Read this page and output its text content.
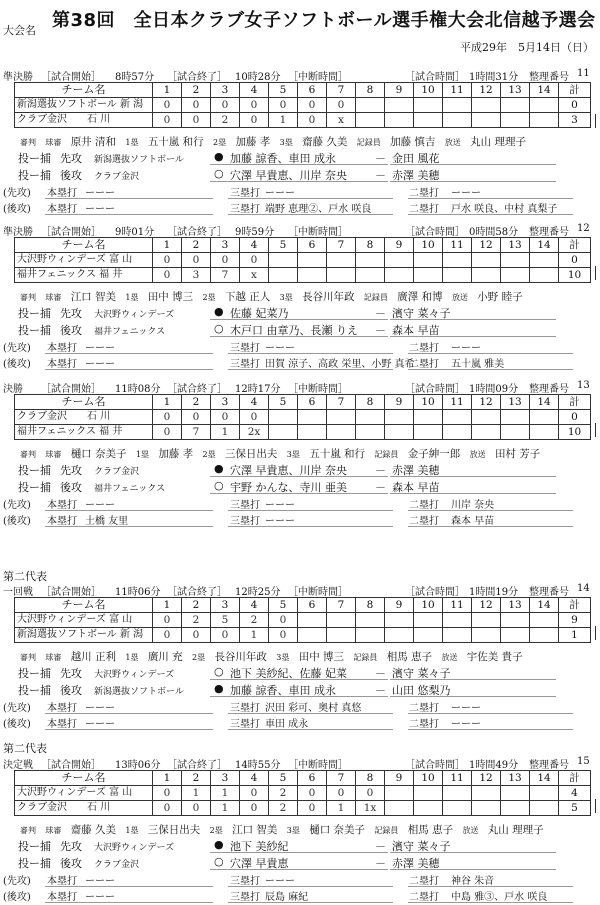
大会名 第38回　全日本クラブ女子ソフトボール選手権大会北信越予選会
平成29年　5月14日（日）
準決勝 ［試合開始］ 8時57分 ［試合終了］ 10時28分 ［中断時間］	［試合時間］ 1時間31分 整理番号 11
チーム名	1	2	3	4	5	6	7	8	9	10	11	12	13	14	計
新潟選抜ソフトボール 新 潟	0	0	0	0	0	0	0								0
クラブ金沢　　石 川	0	0	2	0	1	0	x								3
審判 球審 原井 清和 1塁 五十嵐 和行 2塁 加藤 孝 3塁 齋藤 久美 記録員 加藤 慎吉 放送 丸山 理理子
投ー捕 先攻 新潟選抜ソフトボール	● 加藤 諒香、車田 成永	－ 金田 風花
投ー捕 後攻 クラブ金沢	○ 穴澤 早貴恵、川岸 奈央	－ 赤澤 美穂
(先攻) 本塁打 ーーー	三塁打 ーーー	二塁打 ーーー
(後攻) 本塁打 ーーー	三塁打 端野 恵理②、戸水 咲良	二塁打 戸水 咲良、中村 真梨子
準決勝 ［試合開始］ 9時01分 ［試合終了］ 9時59分 ［中断時間］	［試合時間］ 0時間58分 整理番号 12
チーム名	1	2	3	4	5	6	7	8	9	10	11	12	13	14	計
大沢野ウィンデーズ 富 山	0	0	0	0											0
福井フェニックス 福 井	0	3	7	x											10
審判 球審 江口 智美 1塁 田中 博三 2塁 下越 正人 3塁 長谷川年政 記録員 廣澤 和博 放送 小野 睦子
投ー捕 先攻 大沢野ウィンデーズ	● 佐藤 妃菜乃	－ 濱守 菜々子
投ー捕 後攻 福井フェニックス	○ 木戸口 由章乃、長瀬 りえ － 森本 早苗
(先攻) 本塁打 ーーー	三塁打 ーーー	二塁打 ーーー
(後攻) 本塁打 ーーー	三塁打 田賀 涼子、高政 栄里、小野 真希
二塁打 五十嵐 雅美
決勝 ［試合開始］ 11時08分 ［試合終了］ 12時17分 ［中断時間］	［試合時間］ 1時間09分 整理番号 13
チーム名	1	2	3	4	5	6	7	8	9	10	11	12	13	14	計
クラブ金沢　　石 川	0	0	0	0											0
福井フェニックス 福 井	0	7	1	2x											10
審判 球審 樋口 奈美子 1塁 加藤 孝 2塁 三保日出夫 3塁 五十嵐 和行 記録員 金子紳一郎 放送 田村 芳子
投ー捕 先攻 クラブ金沢	● 穴澤 早貴恵、川岸 奈央	－ 赤澤 美穂
投ー捕 後攻 福井フェニックス	○ 宇野 かんな、寺川 亜美	－ 森本 早苗
(先攻) 本塁打 ーーー	三塁打 ーーー	二塁打 川岸 奈央
(後攻) 本塁打 土橋 友里	三塁打 ーーー	二塁打 森本 早苗
第二代表
一回戦 ［試合開始］ 11時06分 ［試合終了］ 12時25分 ［中断時間］	［試合時間］ 1時間19分 整理番号 14
チーム名	1	2	3	4	5	6	7	8	9	10	11	12	13	14	計
大沢野ウィンデーズ 富 山	0	2	5	2	0										9
新潟選抜ソフトボール 新 潟	0	0	0	1	0										1
審判 球審 越川 正利 1塁 廣川 充 2塁 長谷川年政 3塁 田中 博三 記録員 相馬 恵子 放送 宇佐美 貴子
投ー捕 先攻 大沢野ウィンデーズ	○ 池下 美紗紀、佐藤 妃菜	－ 濱守 菜々子
投ー捕 後攻 新潟選抜ソフトボール	● 加藤 諒香、車田 成永	－ 山田 悠梨乃
(先攻) 本塁打 ーーー	三塁打 沢田 彩可、奥村 真悠	二塁打 ーーー
(後攻) 本塁打 ーーー	三塁打 車田 成永	二塁打 ーーー
第二代表
決定戦 ［試合開始］ 13時06分 ［試合終了］ 14時55分 ［中断時間］	［試合時間］ 1時間49分 整理番号 15
チーム名	1	2	3	4	5	6	7	8	9	10	11	12	13	14	計
大沢野ウィンデーズ 富 山	0	1	1	0	2	0	0	0							4
クラブ金沢　　石 川	0	0	1	0	2	0	1	1x							5
審判 球審 齋藤 久美 1塁 三保日出夫 2塁 江口 智美 3塁 樋口 奈美子 記録員 相馬 恵子 放送 丸山 理理子
投ー捕 先攻 大沢野ウィンデーズ	● 池下 美紗紀	－ 濱守 菜々子
投ー捕 後攻 クラブ金沢	○ 穴澤 早貴恵	－ 赤澤 美穂
(先攻) 本塁打 ーーー	三塁打 ーーー	二塁打 神谷 朱音
(後攻) 本塁打 ーーー	三塁打 辰島 麻紀	二塁打 中島 雅③、戸水 咲良
